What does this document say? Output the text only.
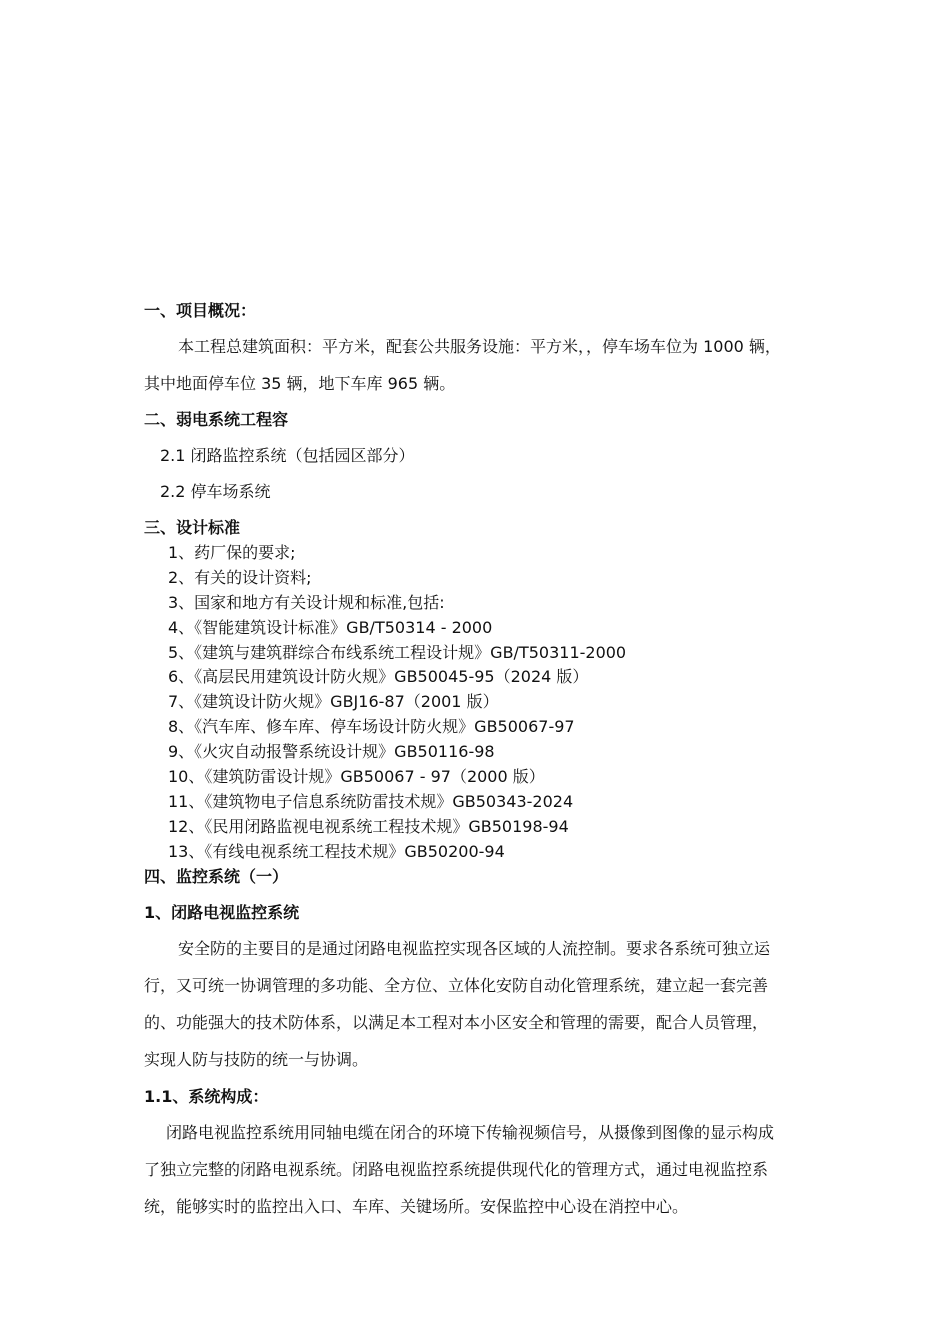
一、项目概况：
本工程总建筑面积：平方米，配套公共服务设施：平方米，，停车场车位为 1000 辆，
其中地面停车位 35 辆，地下车库 965 辆。
二、弱电系统工程容
2.1 闭路监控系统（包括园区部分）
2.2 停车场系统
三、设计标准
1、药厂保的要求;
2、有关的设计资料;
3、国家和地方有关设计规和标准,包括:
4、《智能建筑设计标准》GB/T50314 - 2000
5、《建筑与建筑群综合布线系统工程设计规》GB/T50311-2000
6、《高层民用建筑设计防火规》GB50045-95（2024 版）
7、《建筑设计防火规》GBJ16-87（2001 版）
8、《汽车库、修车库、停车场设计防火规》GB50067-97
9、《火灾自动报警系统设计规》GB50116-98
10、《建筑防雷设计规》GB50067 - 97（2000 版）
11、《建筑物电子信息系统防雷技术规》GB50343-2024
12、《民用闭路监视电视系统工程技术规》GB50198-94
13、《有线电视系统工程技术规》GB50200-94
四、监控系统（一）
1、闭路电视监控系统
安全防的主要目的是通过闭路电视监控实现各区域的人流控制。要求各系统可独立运
行，又可统一协调管理的多功能、全方位、立体化安防自动化管理系统，建立起一套完善
的、功能强大的技术防体系，以满足本工程对本小区安全和管理的需要，配合人员管理，
实现人防与技防的统一与协调。
1.1、系统构成：
闭路电视监控系统用同轴电缆在闭合的环境下传输视频信号，从摄像到图像的显示构成
了独立完整的闭路电视系统。闭路电视监控系统提供现代化的管理方式，通过电视监控系
统，能够实时的监控出入口、车库、关键场所。安保监控中心设在消控中心。
